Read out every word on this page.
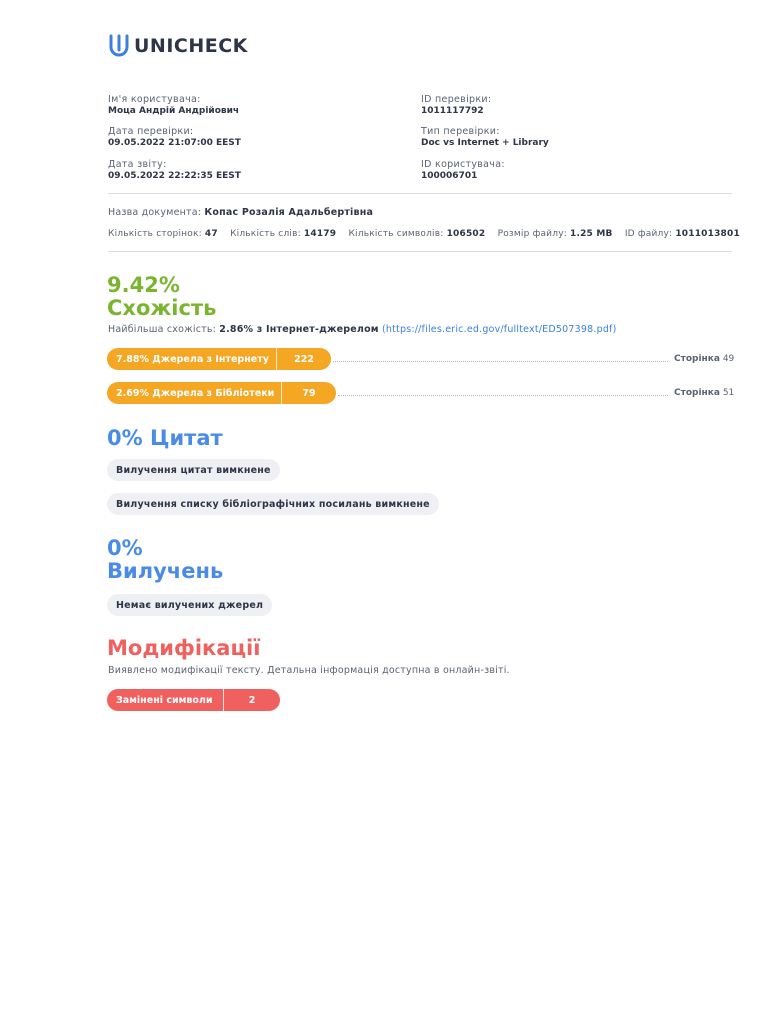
UNICHECK
Ім'я користувача:
Моца Андрій Андрійович
Дата перевірки:
09.05.2022 21:07:00 EEST
Дата звіту:
09.05.2022 22:22:35 EEST
ID перевірки:
1011117792
Тип перевірки:
Doc vs Internet + Library
ID користувача:
100006701
Назва документа: Копас Розалія Адальбертівна
Кількість сторінок: 47 Кількість слів: 14179 Кількість символів: 106502 Розмір файлу: 1.25 MB ID файлу: 1011013801
9.42%
Схожість
Найбільша схожість: 2.86% з Інтернет-джерелом (https://files.eric.ed.gov/fulltext/ED507398.pdf)
7.88% Джерела з Інтернету	222	Сторінка 49
2.69% Джерела з Бібліотеки	79	Сторінка 51
0% Цитат
Вилучення цитат вимкнене
Вилучення списку бібліографічних посилань вимкнене
0%
Вилучень
Немає вилучених джерел
Модифікації
Виявлено модифікації тексту. Детальна інформація доступна в онлайн-звіті.
Замінені символи	2
